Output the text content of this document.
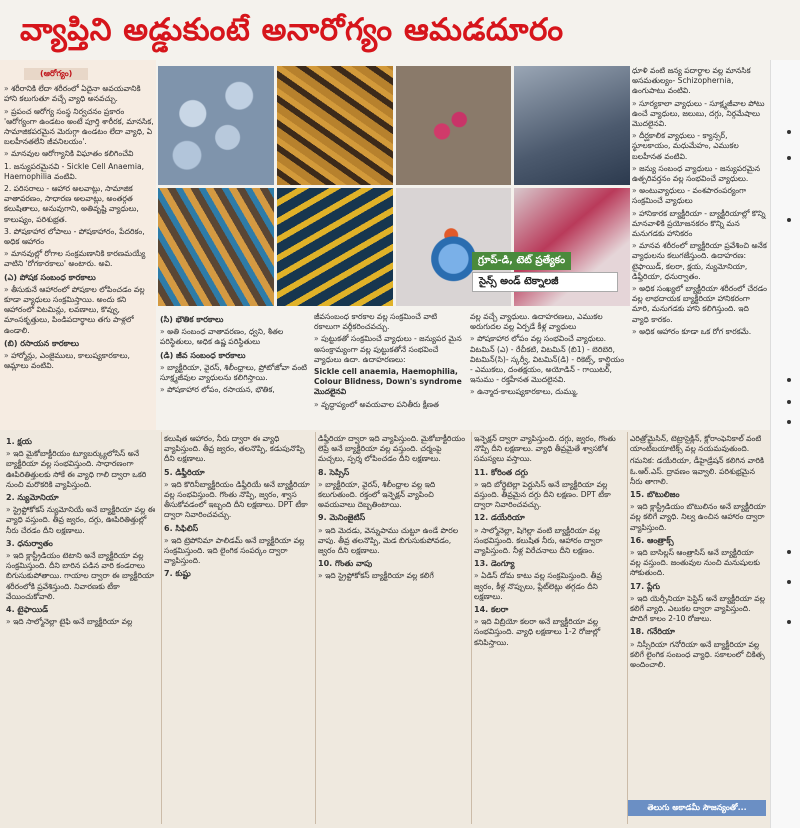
వ్యాప్తిని అడ్డుకుంటే అనారోగ్యం ఆమడదూరం
(ఆరోగ్యం)

» శరీరానికి లేదా శరీరంలో ఏదైనా అవయవానికి హాని కలుగుతూ వచ్చే వ్యాధి అనవచ్చు.

» ప్రపంచ ఆరోగ్య సంస్థ నిర్వచనం ప్రకారం 'ఆరోగ్యంగా ఉండటం అంటే పూర్తి శారీరక, మానసిక, సామాజికపరమైన మెరుగ్గా ఉండటం లేదా వ్యాధి, ఏ బలహీనతలేని జీవనిలయం'.

» మానవుల ఆరోగ్యానికి విఘాతం కలిగించేవి

1. జన్యుపరమైనవి - Sickle Cell Anaemia, Haemophilia వంటివి.

2. పరిసరాలు - ఆహార అలవాట్లు, సామాజిక వాతావరణం, సాధారణ అలవాట్లు, అంతర్గత కలుషితాలు, అనువుగాని, అతివృష్టి వ్యాధులు, కాలుష్యం, పరిశుభ్రత.

3. పోషకాహార లోపాలు - పోషకాహారం, పేదరికం, అధిక ఆహారం

» మానవుల్లో రోగాల సంక్రమణానికి కారణమయ్యే వాటిని 'రోగకారకాలు' అంటారు. అవి.

(ఎ) పోషక సంబంధ కారకాలు

» తీసుకునే ఆహారంలో పోషకాల లోపించడం వల్ల కూడా వ్యాధులు సంక్రమిస్తాయి. అందు కని ఆహారంలో విటమిన్లు, లవణాలు, కొవ్వు, మాంసకృత్తులు, పిండిపదార్థాలు తగు పాళ్లలో ఉండాలి.

(బి) రసాయన కారకాలు

» హార్మోన్లు, ఎంజైములు, కాలుష్యకారకాలు, ఆమ్లాలు వంటివి.

గ్రూప్-డి, టెట్ ప్రత్యేకం
సైన్స్ అండ్ టెక్నాలజీ
(సి) భౌతిక కారకాలు

» అతి సంబంధ వాతావరణం, ధ్వని, శీతల పరిస్థితులు, అధిక ఉష్ణ పరిస్థితులు

(డి) జీవ సంబంధ కారకాలు

» బ్యాక్టీరియా, వైరస్, శిలీంధ్రాలు, ప్రోటోజోవా వంటి సూక్ష్మజీవుల వ్యాధులను కలిగిస్తాయి.

» పోషకాహార లోపం, రసాయన, భౌతిక,

జీవసంబంధ కారకాల వల్ల సంక్రమించే వాటి రకాలుగా వర్గీకరించవచ్చు.

» పుట్టుకతో సంక్రమించే వ్యాధులు - జన్యుపర మైన అసంక్రామ్యంగా వల్ల పుట్టుకతోనే సంభవించే వ్యాధులు ఉదా. ఉదాహరణలు:

Sickle cell anaemia, Haemophilia, Colour Blidness, Down's syndrome మొదలైనవి

» వృద్ధాప్యంలో అవయవాల పనితీరు క్షీణత

వల్ల వచ్చే వ్యాధులు. ఉదాహరణలు, ఎముకల అరుగుదల వల్ల ఏర్పడే కీళ్ల వ్యాధులు

» పోషకాహార లోపం వల్ల సంభవించే వ్యాధులు. విటమిన్ (ఎ) - రేచీకటి, విటమిన్ (బి1) - బెరిబెరి, విటమిన్(సి)- స్కర్వీ, విటమిన్(డి) - రికెట్స్, కాల్షియం - ఎముకలు, దంతక్షయం, అయోడిన్ - గాయిటర్, ఇనుము - రక్తహీనత మొదలైనవి.

» ఉన్మాద-కాలుష్యకారకాలు, దుమ్ము,

ధూళి వంటి జన్య పదార్థాల వల్ల మానసిక అసమతుల్యం- Schizophernia, ఉంగుపాటు వంటివి.

» సూర్యకాలా వ్యాధులు - సూక్ష్మజీవాల పోటు ఉంచే వ్యాధులు, జలుబు, దగ్గు, నిర్గమేషాలు మొదలైనవి.

» దీర్ఘకాలిక వ్యాధులు - క్యాన్సర్, స్థూలకాయం, మధుమేహం, ఎముకల బలహీనత వంటివి.

» జన్యు సంబంధ వ్యాధులు - జన్యుపరమైన ఉత్పరివర్తనం వల్ల సంభవించే వ్యాధులు.

» అంటువ్యాధులు - వంశపారంపర్యంగా సంక్రమించే వ్యాధులు

» హానికారక బ్యాక్టీరియా - బ్యాక్టీరియాల్లో కొన్ని మానవాళికి ప్రయోజనకరం కొన్ని మన మనుగడకు హానికరం

» మానవ శరీరంలో బ్యాక్టీరియా ప్రవేశించి అనేక వ్యాధులను కలుగజేస్తుంది. ఉదాహరణ: టైఫాయిడ్, కలరా, క్షయ, న్యుమోనియా, డిఫ్తీరియా, ధనుర్వాతం.

» అధిక సంఖ్యలో బ్యాక్టీరియా శరీరంలో చేరడం వల్ల లాభదాయక బ్యాక్టీరియా హానికరంగా మారి, మనుగడకు హాని కలిగిస్తుంది. ఇది వ్యాధి కారకం.

» అధిక ఆహారం కూడా ఒక రోగ కారకమే.

1. క్షయ

» ఇది మైకోబాక్టీరియం ట్యూబర్క్యులోసిస్ అనే బ్యాక్టీరియా వల్ల సంభవిస్తుంది. సాధారణంగా ఊపిరితిత్తులకు సోకే ఈ వ్యాధి గాలి ద్వారా ఒకరి నుంచి మరొకరికి వ్యాపిస్తుంది.

2. న్యుమోనియా

» స్ట్రెప్టోకోకస్ న్యుమోనియే అనే బ్యాక్టీరియా వల్ల ఈ వ్యాధి వస్తుంది. తీవ్ర జ్వరం, దగ్గు, ఊపిరితిత్తుల్లో నీరు చేరడం దీని లక్షణాలు.

3. ధనుర్వాతం

» ఇది క్లాస్ట్రీడియం టెటాని అనే బ్యాక్టీరియా వల్ల సంక్రమిస్తుంది. దీని బారిన పడిన వారి కండరాలు బిగుసుకుపోతాయి. గాయాల ద్వారా ఈ బ్యాక్టీరియా శరీరంలోకి ప్రవేశిస్తుంది. నివారణకు టీకా వేయించుకోవాలి.

4. టైఫాయిడ్

» ఇది సాల్మోనెల్లా టైఫి అనే బ్యాక్టీరియా వల్ల

కలుషిత ఆహారం, నీరు ద్వారా ఈ వ్యాధి వ్యాపిస్తుంది. తీవ్ర జ్వరం, తలనొప్పి, కడుపునొప్పి దీని లక్షణాలు.

5. డిఫ్తీరియా

» ఇది కొరినీబ్యాక్టీరియం డిఫ్తీరియే అనే బ్యాక్టీరియా వల్ల సంభవిస్తుంది. గొంతు నొప్పి, జ్వరం, శ్వాస తీసుకోవడంలో ఇబ్బంది దీని లక్షణాలు. DPT టీకా ద్వారా నివారించవచ్చు.

6. సిఫిలిస్

» ఇది ట్రెపోనిమా పాలిడమ్ అనే బ్యాక్టీరియా వల్ల సంక్రమిస్తుంది. ఇది లైంగిక సంపర్కం ద్వారా వ్యాపిస్తుంది.

7. కుష్టు

డిఫ్తీరియా ద్వారా ఇది వ్యాపిస్తుంది. మైకోబాక్టీరియం లెప్రే అనే బ్యాక్టీరియా వల్ల వస్తుంది. చర్మంపై మచ్చలు, స్పర్శ లోపించడం దీని లక్షణాలు.

8. సెప్సిస్

» బ్యాక్టీరియా, వైరస్, శిలీంధ్రాల వల్ల ఇది కలుగుతుంది. రక్తంలో ఇన్ఫెక్షన్ వ్యాపించి అవయవాలు దెబ్బతింటాయి.

9. మెనింజైటిస్

» ఇది మెదడు, వెన్నుపాము చుట్టూ ఉండే పొరల వాపు. తీవ్ర తలనొప్పి, మెడ బిగుసుకుపోవడం, జ్వరం దీని లక్షణాలు.

10. గొంతు వాపు

» ఇది స్ట్రెప్టోకోకస్ బ్యాక్టీరియా వల్ల కలిగే

ఇన్ఫెక్షన్ ద్వారా వ్యాపిస్తుంది. దగ్గు, జ్వరం, గొంతు నొప్పి దీని లక్షణాలు. వ్యాధి తీవ్రమైతే శ్వాసకోశ సమస్యలు వస్తాయి.

11. కోరింత దగ్గు

» ఇది బోర్డెటెల్లా పెర్టుసిస్ అనే బ్యాక్టీరియా వల్ల వస్తుంది. తీవ్రమైన దగ్గు దీని లక్షణం. DPT టీకా ద్వారా నివారించవచ్చు.

12. డయేరియా

» సాల్మోనెల్లా, షిగెల్లా వంటి బ్యాక్టీరియా వల్ల సంభవిస్తుంది. కలుషిత నీరు, ఆహారం ద్వారా వ్యాపిస్తుంది. నీళ్ల విరేచనాలు దీని లక్షణం.

13. డెంగ్యూ

» ఏడిస్ దోమ కాటు వల్ల సంక్రమిస్తుంది. తీవ్ర జ్వరం, కీళ్ల నొప్పులు, ప్లేట్‌లెట్లు తగ్గడం దీని లక్షణాలు.

14. కలరా

» ఇది విబ్రియో కలరా అనే బ్యాక్టీరియా వల్ల సంభవిస్తుంది. వ్యాధి లక్షణాలు 1-2 రోజుల్లో కనిపిస్తాయి.

ఎరిత్రోమైసిన్, టెట్రాసైక్లిన్, క్లోరాంఫెనికాల్ వంటి యాంటీబయాటిక్స్ వల్ల నయమవుతుంది.

గమనిక: డయేరియా, డీహైడ్రేషన్ కలిగిన వారికి ఓ.ఆర్.ఎస్. ద్రావణం ఇవ్వాలి. పరిశుభ్రమైన నీరు తాగాలి.

15. బొటులిజం

» ఇది క్లాస్ట్రీడియం బొటులినం అనే బ్యాక్టీరియా వల్ల కలిగే వ్యాధి. నిల్వ ఉంచిన ఆహారం ద్వారా వ్యాపిస్తుంది.

16. ఆంత్రాక్స్

» ఇది బాసిల్లస్ ఆంత్రాసిస్ అనే బ్యాక్టీరియా వల్ల వస్తుంది. జంతువుల నుంచి మనుషులకు సోకుతుంది.

17. ప్లేగు

» ఇది యెర్సీనియా పెస్టిస్ అనే బ్యాక్టీరియా వల్ల కలిగే వ్యాధి. ఎలుకల ద్వారా వ్యాపిస్తుంది. పొదిగే కాలం 2-10 రోజులు.

18. గనేరియా

» నిస్సీరియా గనోరియా అనే బ్యాక్టీరియా వల్ల కలిగే లైంగిక సంబంధ వ్యాధి. సకాలంలో చికిత్స అందించాలి.

తెలుగు అకాడమీ సౌజన్యంతో...
